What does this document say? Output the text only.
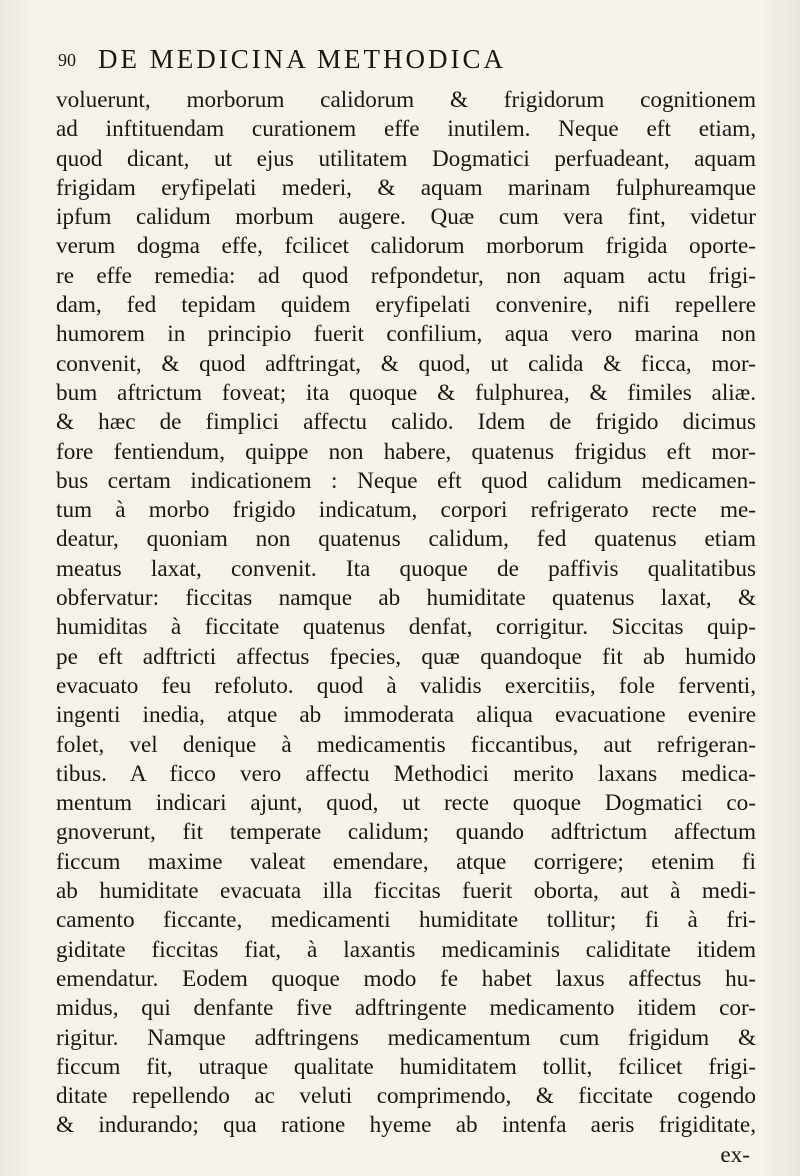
90 DE MEDICINA METHODICA
voluerunt, morborum calidorum & frigidorum cognitionem
ad inftituendam curationem effe inutilem. Neque eft etiam,
quod dicant, ut ejus utilitatem Dogmatici perfuadeant, aquam
frigidam eryfipelati mederi, & aquam marinam fulphureamque
ipfum calidum morbum augere. Quæ cum vera fint, videtur
verum dogma effe, fcilicet calidorum morborum frigida oporte-
re effe remedia: ad quod refpondetur, non aquam actu frigi-
dam, fed tepidam quidem eryfipelati convenire, nifi repellere
humorem in principio fuerit confilium, aqua vero marina non
convenit, & quod adftringat, & quod, ut calida & ficca, mor-
bum aftrictum foveat; ita quoque & fulphurea, & fimiles aliæ.
& hæc de fimplici affectu calido. Idem de frigido dicimus
fore fentiendum, quippe non habere, quatenus frigidus eft mor-
bus certam indicationem : Neque eft quod calidum medicamen-
tum à morbo frigido indicatum, corpori refrigerato recte me-
deatur, quoniam non quatenus calidum, fed quatenus etiam
meatus laxat, convenit. Ita quoque de paffivis qualitatibus
obfervatur: ficcitas namque ab humiditate quatenus laxat, &
humiditas à ficcitate quatenus denfat, corrigitur. Siccitas quip-
pe eft adftricti affectus fpecies, quæ quandoque fit ab humido
evacuato feu refoluto. quod à validis exercitiis, fole ferventi,
ingenti inedia, atque ab immoderata aliqua evacuatione evenire
folet, vel denique à medicamentis ficcantibus, aut refrigeran-
tibus. A ficco vero affectu Methodici merito laxans medica-
mentum indicari ajunt, quod, ut recte quoque Dogmatici co-
gnoverunt, fit temperate calidum; quando adftrictum affectum
ficcum maxime valeat emendare, atque corrigere; etenim fi
ab humiditate evacuata illa ficcitas fuerit oborta, aut à medi-
camento ficcante, medicamenti humiditate tollitur; fi à fri-
giditate ficcitas fiat, à laxantis medicaminis caliditate itidem
emendatur. Eodem quoque modo fe habet laxus affectus hu-
midus, qui denfante five adftringente medicamento itidem cor-
rigitur. Namque adftringens medicamentum cum frigidum &
ficcum fit, utraque qualitate humiditatem tollit, fcilicet frigi-
ditate repellendo ac veluti comprimendo, & ficcitate cogendo
& indurando; qua ratione hyeme ab intenfa aeris frigiditate,
ex-
